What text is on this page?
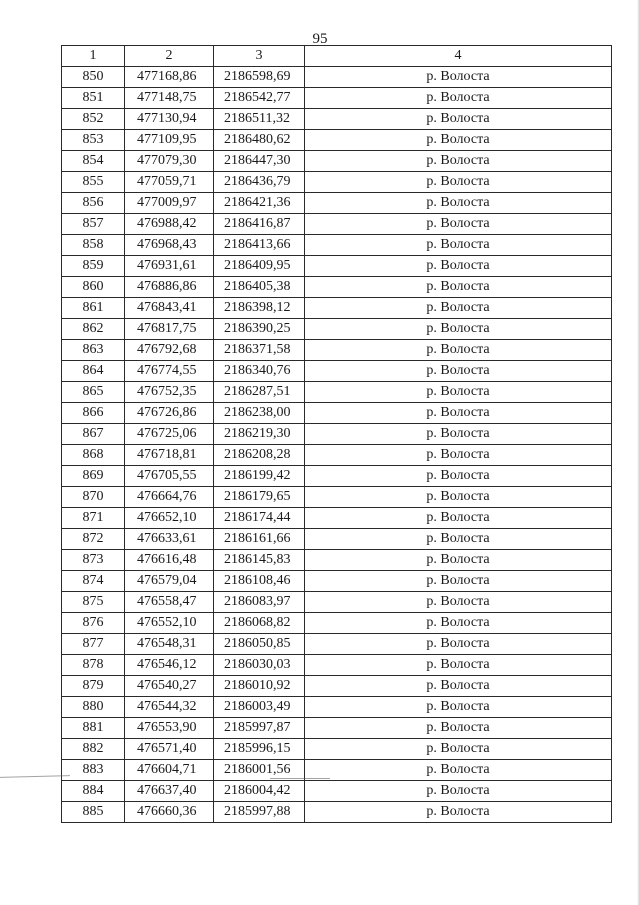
95
1	2	3	4
850	477168,86	2186598,69	р. Волоста
851	477148,75	2186542,77	р. Волоста
852	477130,94	2186511,32	р. Волоста
853	477109,95	2186480,62	р. Волоста
854	477079,30	2186447,30	р. Волоста
855	477059,71	2186436,79	р. Волоста
856	477009,97	2186421,36	р. Волоста
857	476988,42	2186416,87	р. Волоста
858	476968,43	2186413,66	р. Волоста
859	476931,61	2186409,95	р. Волоста
860	476886,86	2186405,38	р. Волоста
861	476843,41	2186398,12	р. Волоста
862	476817,75	2186390,25	р. Волоста
863	476792,68	2186371,58	р. Волоста
864	476774,55	2186340,76	р. Волоста
865	476752,35	2186287,51	р. Волоста
866	476726,86	2186238,00	р. Волоста
867	476725,06	2186219,30	р. Волоста
868	476718,81	2186208,28	р. Волоста
869	476705,55	2186199,42	р. Волоста
870	476664,76	2186179,65	р. Волоста
871	476652,10	2186174,44	р. Волоста
872	476633,61	2186161,66	р. Волоста
873	476616,48	2186145,83	р. Волоста
874	476579,04	2186108,46	р. Волоста
875	476558,47	2186083,97	р. Волоста
876	476552,10	2186068,82	р. Волоста
877	476548,31	2186050,85	р. Волоста
878	476546,12	2186030,03	р. Волоста
879	476540,27	2186010,92	р. Волоста
880	476544,32	2186003,49	р. Волоста
881	476553,90	2185997,87	р. Волоста
882	476571,40	2185996,15	р. Волоста
883	476604,71	2186001,56	р. Волоста
884	476637,40	2186004,42	р. Волоста
885	476660,36	2185997,88	р. Волоста
